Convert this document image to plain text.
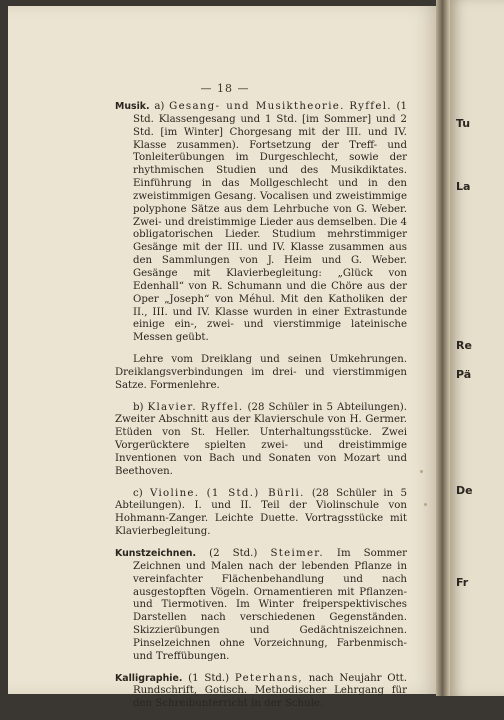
Tu
La
Re
Pä
De
Fr
— 18 —

Musik. a) Gesang- und Musiktheorie. Ryffel. (1 Std. Klassengesang und 1 Std. [im Sommer] und 2 Std. [im Winter] Chorgesang mit der III. und IV. Klasse zusammen). Fortsetzung der Treff- und Tonleiterübungen im Durgeschlecht, sowie der rhythmischen Studien und des Musikdiktates. Einführung in das Mollgeschlecht und in den zweistimmigen Gesang. Vocalisen und zweistimmige polyphone Sätze aus dem Lehrbuche von G. Weber. Zwei- und dreistimmige Lieder aus demselben. Die 4 obligatorischen Lieder. Studium mehrstimmiger Gesänge mit der III. und IV. Klasse zusammen aus den Sammlungen von J. Heim und G. Weber. Gesänge mit Klavierbegleitung: „Glück von Edenhall“ von R. Schumann und die Chöre aus der Oper „Joseph“ von Méhul. Mit den Katholiken der II., III. und IV. Klasse wurden in einer Extrastunde einige ein-, zwei- und vierstimmige lateinische Messen geübt.

Lehre vom Dreiklang und seinen Umkehrungen. Dreiklangsverbindungen im drei- und vierstimmigen Satze. Formenlehre.

b) Klavier. Ryffel. (28 Schüler in 5 Abteilungen). Zweiter Abschnitt aus der Klavierschule von H. Germer. Etüden von St. Heller. Unterhaltungsstücke. Zwei Vorgerücktere spielten zwei- und dreistimmige Inventionen von Bach und Sonaten von Mozart und Beethoven.

c) Violine. (1 Std.) Bürli. (28 Schüler in 5 Abteilungen). I. und II. Teil der Violinschule von Hohmann-Zanger. Leichte Duette. Vortragsstücke mit Klavierbegleitung.

Kunstzeichnen. (2 Std.) Steimer. Im Sommer Zeichnen und Malen nach der lebenden Pflanze in vereinfachter Flächenbehandlung und nach ausgestopften Vögeln. Ornamentieren mit Pflanzen- und Tiermotiven. Im Winter freiperspektivisches Darstellen nach verschiedenen Gegenständen. Skizzierübungen und Gedächtniszeichnen. Pinselzeichnen ohne Vorzeichnung, Farbenmisch- und Treffübungen.

Kalligraphie. (1 Std.) Peterhans, nach Neujahr Ott. Rundschrift, Gotisch. Methodischer Lehrgang für den Schreibunterricht in der Schule.
